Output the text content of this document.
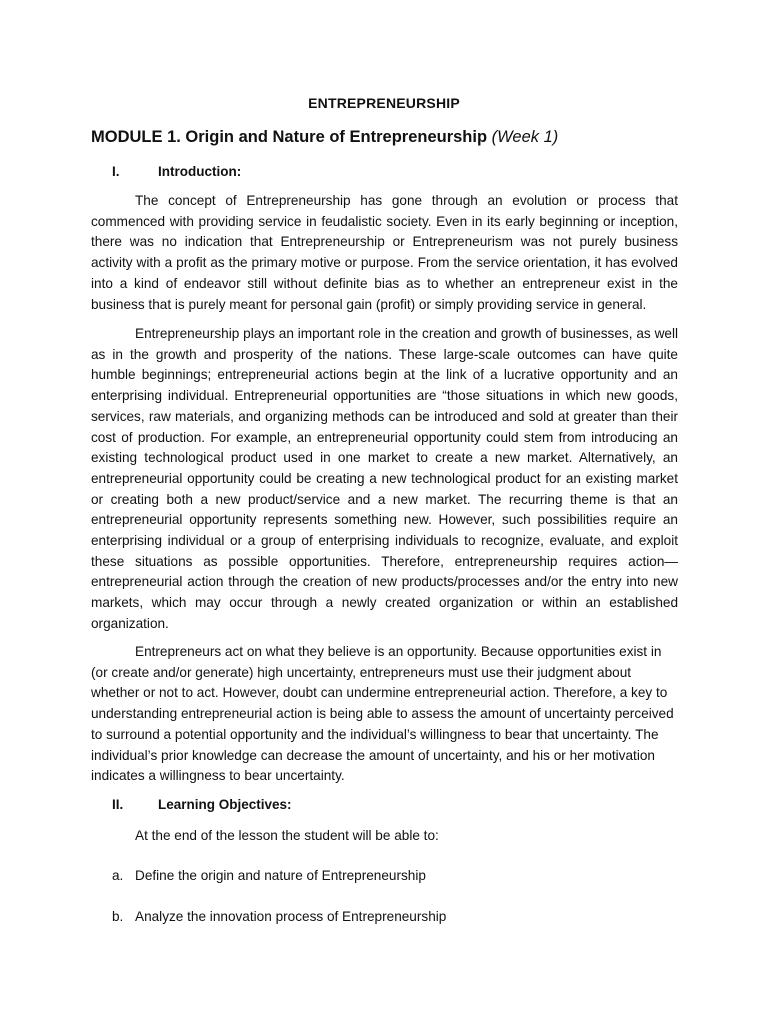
ENTREPRENEURSHIP
MODULE 1. Origin and Nature of Entrepreneurship (Week 1)
I.	Introduction:

The concept of Entrepreneurship has gone through an evolution or process that commenced with providing service in feudalistic society. Even in its early beginning or inception, there was no indication that Entrepreneurship or Entrepreneurism was not purely business activity with a profit as the primary motive or purpose. From the service orientation, it has evolved into a kind of endeavor still without definite bias as to whether an entrepreneur exist in the business that is purely meant for personal gain (profit) or simply providing service in general.

Entrepreneurship plays an important role in the creation and growth of businesses, as well as in the growth and prosperity of the nations. These large-scale outcomes can have quite humble beginnings; entrepreneurial actions begin at the link of a lucrative opportunity and an enterprising individual. Entrepreneurial opportunities are “those situations in which new goods, services, raw materials, and organizing methods can be introduced and sold at greater than their cost of production. For example, an entrepreneurial opportunity could stem from introducing an existing technological product used in one market to create a new market. Alternatively, an entrepreneurial opportunity could be creating a new technological product for an existing market or creating both a new product/service and a new market. The recurring theme is that an entrepreneurial opportunity represents something new. However, such possibilities require an enterprising individual or a group of enterprising individuals to recognize, evaluate, and exploit these situations as possible opportunities. Therefore, entrepreneurship requires action—entrepreneurial action through the creation of new products/processes and/or the entry into new markets, which may occur through a newly created organization or within an established organization.

Entrepreneurs act on what they believe is an opportunity. Because opportunities exist in (or create and/or generate) high uncertainty, entrepreneurs must use their judgment about whether or not to act. However, doubt can undermine entrepreneurial action. Therefore, a key to understanding entrepreneurial action is being able to assess the amount of uncertainty perceived to surround a potential opportunity and the individual’s willingness to bear that uncertainty. The individual’s prior knowledge can decrease the amount of uncertainty, and his or her motivation indicates a willingness to bear uncertainty.

II.	Learning Objectives:
At the end of the lesson the student will be able to:
a. Define the origin and nature of Entrepreneurship
b. Analyze the innovation process of Entrepreneurship
